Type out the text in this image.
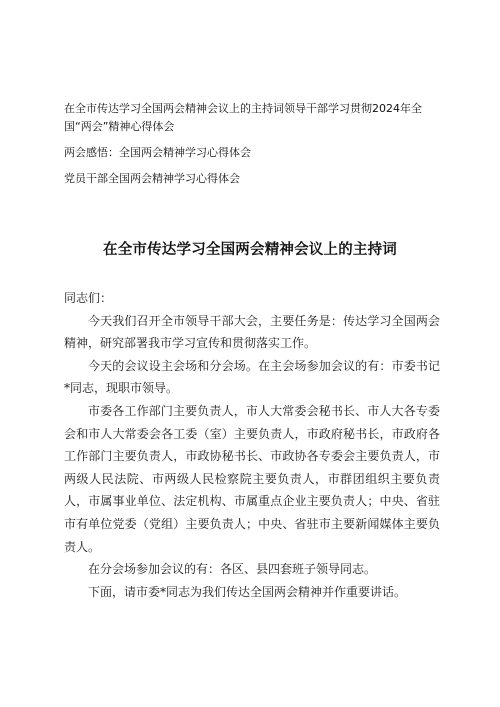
在全市传达学习全国两会精神会议上的主持词领导干部学习贯彻2024年全国“两会”精神心得体会
两会感悟：全国两会精神学习心得体会
党员干部全国两会精神学习心得体会
在全市传达学习全国两会精神会议上的主持词

同志们：

今天我们召开全市领导干部大会，主要任务是：传达学习全国两会精神，研究部署我市学习宣传和贯彻落实工作。

今天的会议设主会场和分会场。在主会场参加会议的有：市委书记*同志，现职市领导。

市委各工作部门主要负责人，市人大常委会秘书长、市人大各专委会和市人大常委会各工委（室）主要负责人，市政府秘书长，市政府各工作部门主要负责人，市政协秘书长、市政协各专委会主要负责人，市两级人民法院、市两级人民检察院主要负责人，市群团组织主要负责人，市属事业单位、法定机构、市属重点企业主要负责人；中央、省驻市有单位党委（党组）主要负责人；中央、省驻市主要新闻媒体主要负责人。

在分会场参加会议的有：各区、县四套班子领导同志。

下面，请市委*同志为我们传达全国两会精神并作重要讲话。
